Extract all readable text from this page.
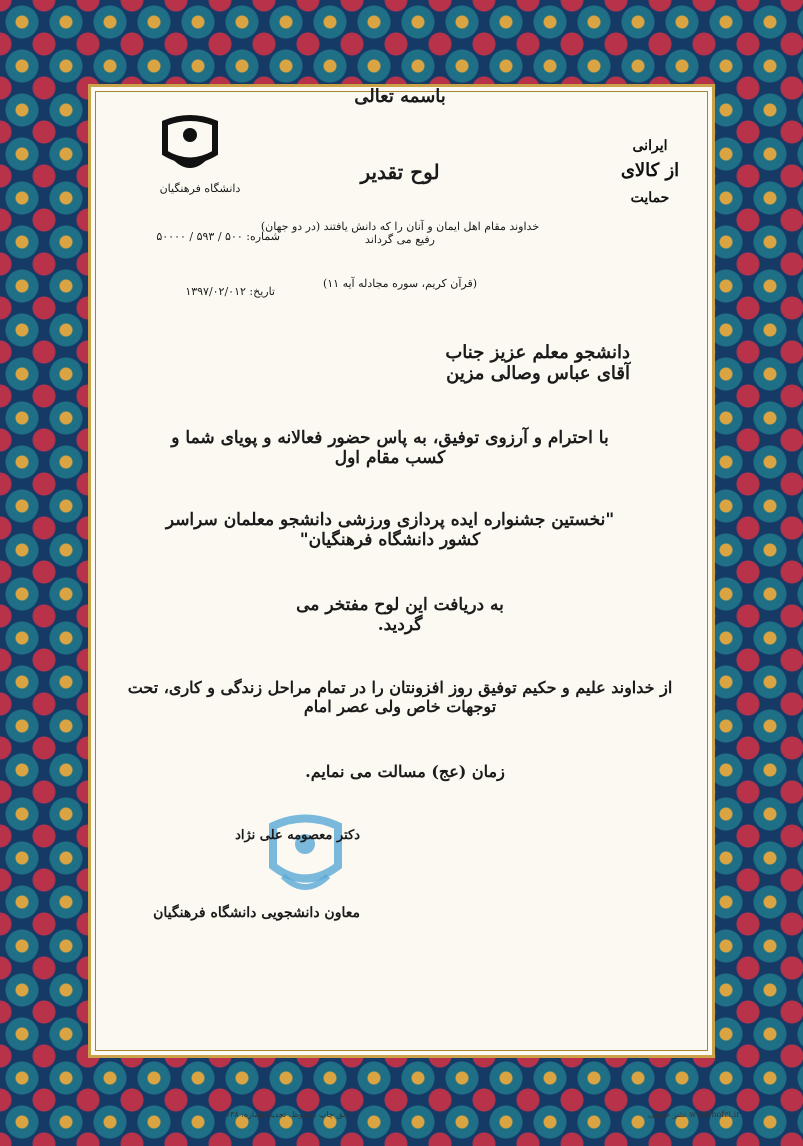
دانشگاه فرهنگیان
ایرانی
از کالای
حمایت
باسمه تعالی
لوح تقدیر
خداوند مقام اهل ایمان و آنان را که دانش یافتند (در دو جهان) رفیع می گرداند
(قرآن کریم، سوره مجادله آیه ۱۱)
شماره: ۵۰۰ / ۵۹۳ / ۵۰۰۰۰
تاریخ: ۱۳۹۷/۰۲/۰۱۲
دانشجو معلم عزیز جناب آقای عباس وصالی مزین
با احترام و آرزوی توفیق، به پاس حضور فعالانه و پویای شما و کسب مقام اول
"نخستین جشنواره ایده پردازی ورزشی دانشجو معلمان سراسر کشور دانشگاه فرهنگیان"
به دریافت این لوح مفتخر می گردید.
از خداوند علیم و حکیم توفیق روز افزونتان را در تمام مراحل زندگی و کاری، تحت توجهات خاص ولی عصر امام
زمان (عج) مسالت می نمایم.
دکتر معصومه علی نژاد
معاون دانشجویی دانشگاه فرهنگیان
حق چاپ محفوظ. تجدید شماره: ۶۳۸	www.hofzi.ir نشر حفظی
